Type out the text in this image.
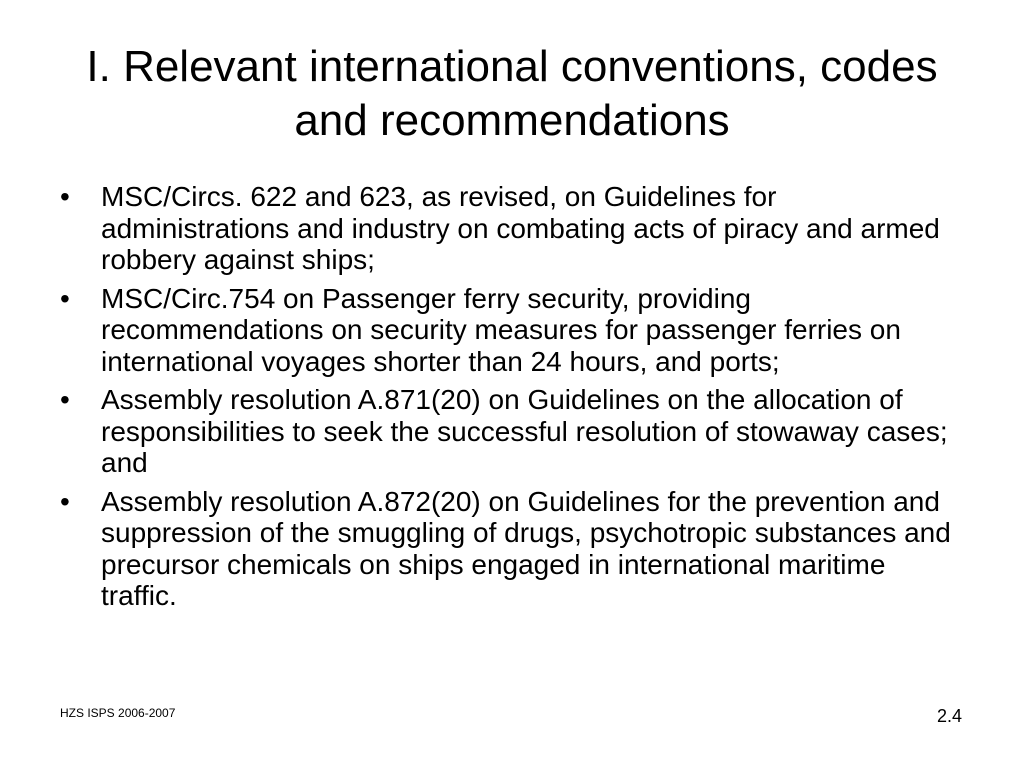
I. Relevant international conventions, codes and recommendations
• MSC/Circs. 622 and 623, as revised, on Guidelines for administrations and industry on combating acts of piracy and armed robbery against ships;
• MSC/Circ.754 on Passenger ferry security, providing recommendations on security measures for passenger ferries on international voyages shorter than 24 hours, and ports;
• Assembly resolution A.871(20) on Guidelines on the allocation of responsibilities to seek the successful resolution of stowaway cases;  and
• Assembly resolution A.872(20) on Guidelines for the prevention and suppression of the smuggling of drugs, psychotropic substances and precursor chemicals on ships engaged in international maritime traffic.
HZS ISPS 2006-2007	2.4
